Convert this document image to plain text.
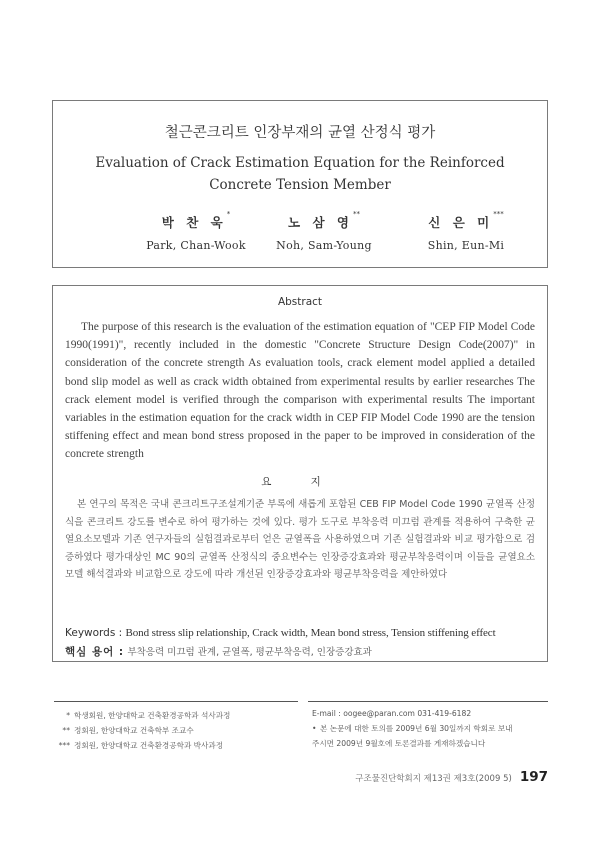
철근콘크리트 인장부재의 균열 산정식 평가
Evaluation of Crack Estimation Equation for the Reinforced
Concrete Tension Member
박 찬 욱*
Park, Chan-Wook
노 삼 영**
Noh, Sam-Young
신 은 미***
Shin, Eun-Mi
Abstract

The purpose of this research is the evaluation of the estimation equation of "CEP FIP Model Code 1990(1991)", recently included in the domestic "Concrete Structure Design Code(2007)" in consideration of the concrete strength As evaluation tools, crack element model applied a detailed bond slip model as well as crack width obtained from experimental results by earlier researches The crack element model is verified through the comparison with experimental results The important variables in the estimation equation for the crack width in CEP FIP Model Code 1990 are the tension stiffening effect and mean bond stress proposed in the paper to be improved in consideration of the concrete strength

요 지

본 연구의 목적은 국내 콘크리트구조설계기준 부록에 새롭게 포함된 CEB FIP Model Code 1990 균열폭 산정식을 콘크리트 강도를 변수로 하여 평가하는 것에 있다. 평가 도구로 부착응력 미끄럼 관계를 적용하여 구축한 균열요소모델과 기존 연구자들의 실험결과로부터 얻은 균열폭을 사용하였으며 기존 실험결과와 비교 평가함으로 검증하였다 평가대상인 MC 90의 균열폭 산정식의 중요변수는 인장증강효과와 평균부착응력이며 이들을 균열요소모델 해석결과와 비교함으로 강도에 따라 개선된 인장증강효과와 평균부착응력을 제안하였다

Keywords : Bond stress slip relationship, Crack width, Mean bond stress, Tension stiffening effect
핵심 용어 : 부착응력 미끄럼 관계, 균열폭, 평균부착응력, 인장증강효과
* 학생회원, 한양대학교 건축환경공학과 석사과정
** 정회원, 한양대학교 건축학부 조교수
*** 정회원, 한양대학교 건축환경공학과 박사과정
E-mail : oogee@paran.com 031-419-6182
• 본 논문에 대한 토의를 2009년 6월 30일까지 학회로 보내
주시면 2009년 9월호에 토론결과를 게재하겠습니다
구조물진단학회지 제13권 제3호(2009 5) 197
